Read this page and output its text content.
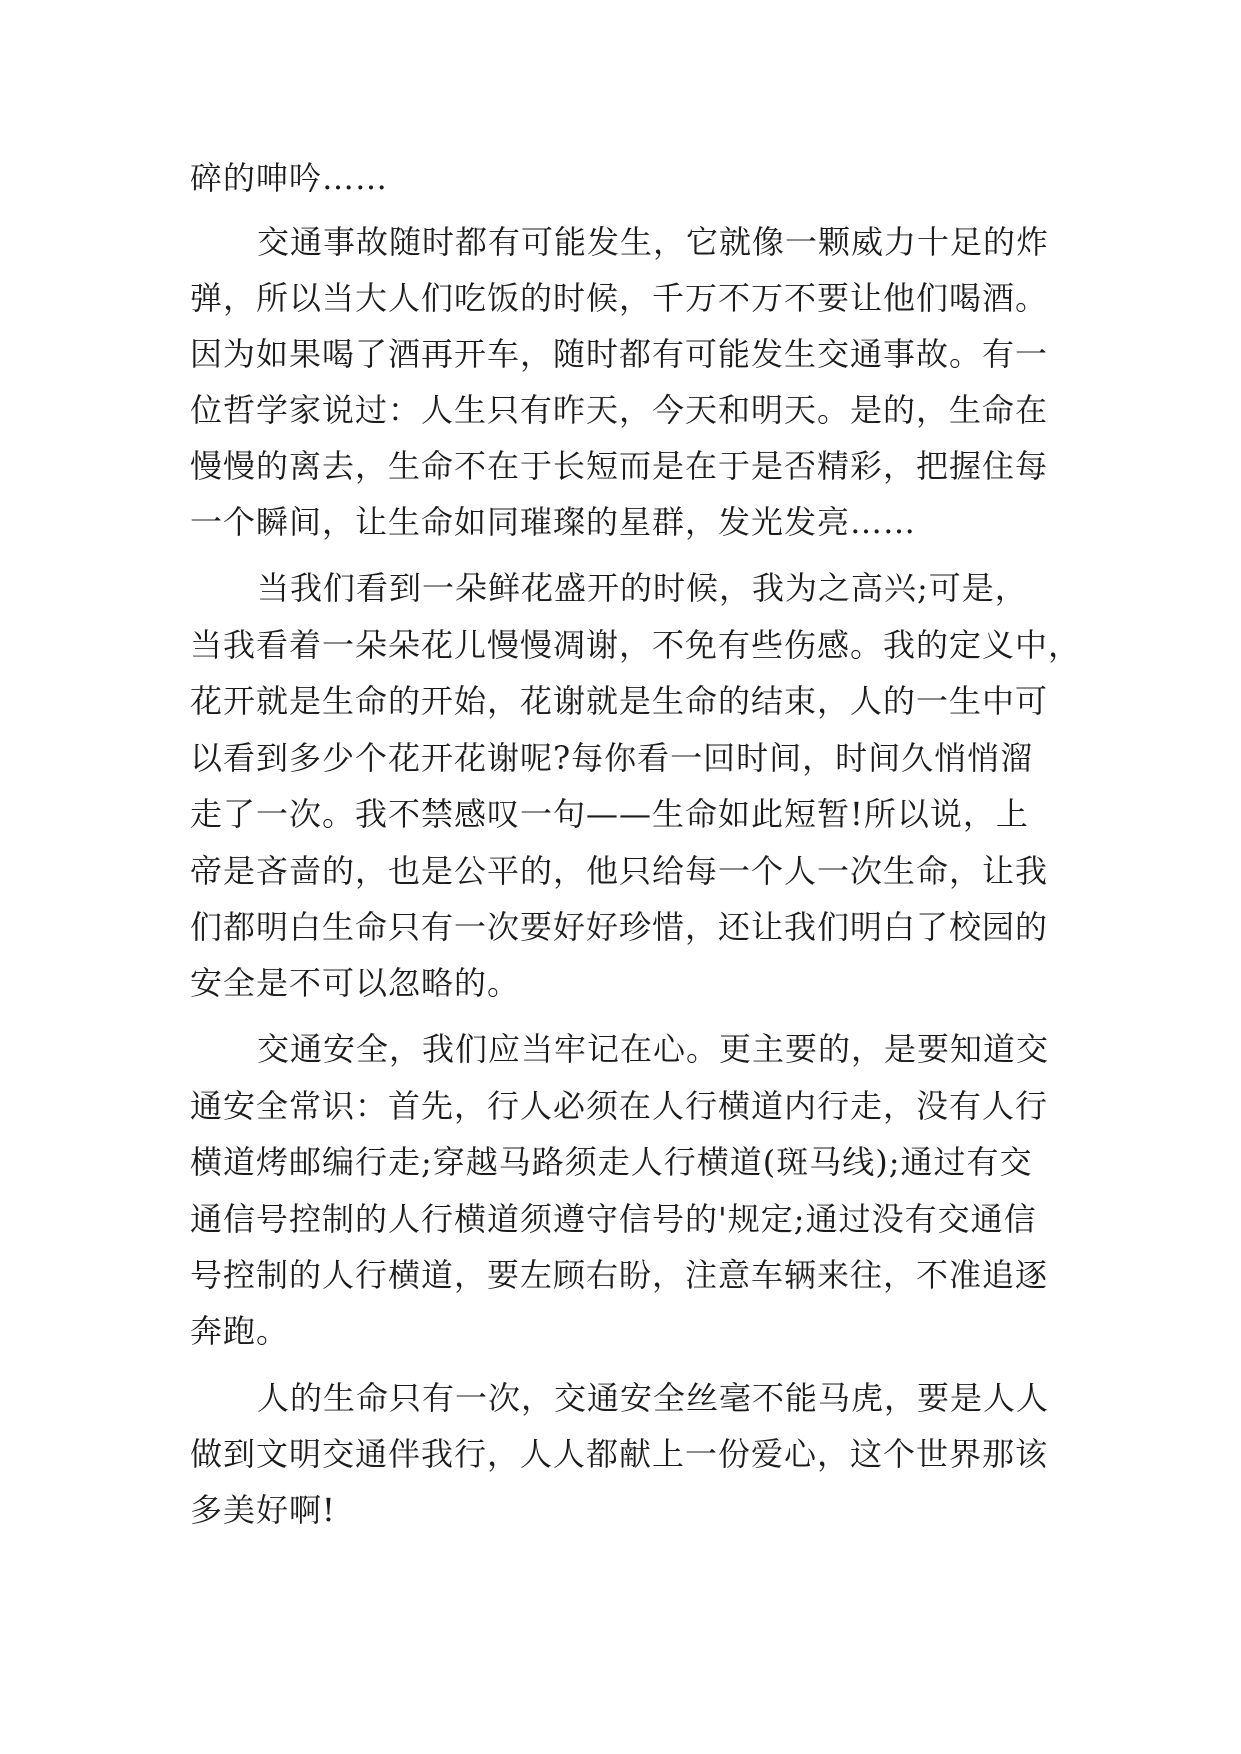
碎的呻吟……
交通事故随时都有可能发生，它就像一颗威力十足的炸
弹，所以当大人们吃饭的时候，千万不万不要让他们喝酒。
因为如果喝了酒再开车，随时都有可能发生交通事故。有一
位哲学家说过：人生只有昨天，今天和明天。是的，生命在
慢慢的离去，生命不在于长短而是在于是否精彩，把握住每
一个瞬间，让生命如同璀璨的星群，发光发亮……
当我们看到一朵鲜花盛开的时候，我为之高兴;可是，
当我看着一朵朵花儿慢慢凋谢，不免有些伤感。我的定义中，
花开就是生命的开始，花谢就是生命的结束，人的一生中可
以看到多少个花开花谢呢?每你看一回时间，时间久悄悄溜
走了一次。我不禁感叹一句——生命如此短暂!所以说，上
帝是吝啬的，也是公平的，他只给每一个人一次生命，让我
们都明白生命只有一次要好好珍惜，还让我们明白了校园的
安全是不可以忽略的。
交通安全，我们应当牢记在心。更主要的，是要知道交
通安全常识：首先，行人必须在人行横道内行走，没有人行
横道烤邮编行走;穿越马路须走人行横道(斑马线);通过有交
通信号控制的人行横道须遵守信号的'规定;通过没有交通信
号控制的人行横道，要左顾右盼，注意车辆来往，不准追逐
奔跑。
人的生命只有一次，交通安全丝毫不能马虎，要是人人
做到文明交通伴我行，人人都献上一份爱心，这个世界那该
多美好啊!
